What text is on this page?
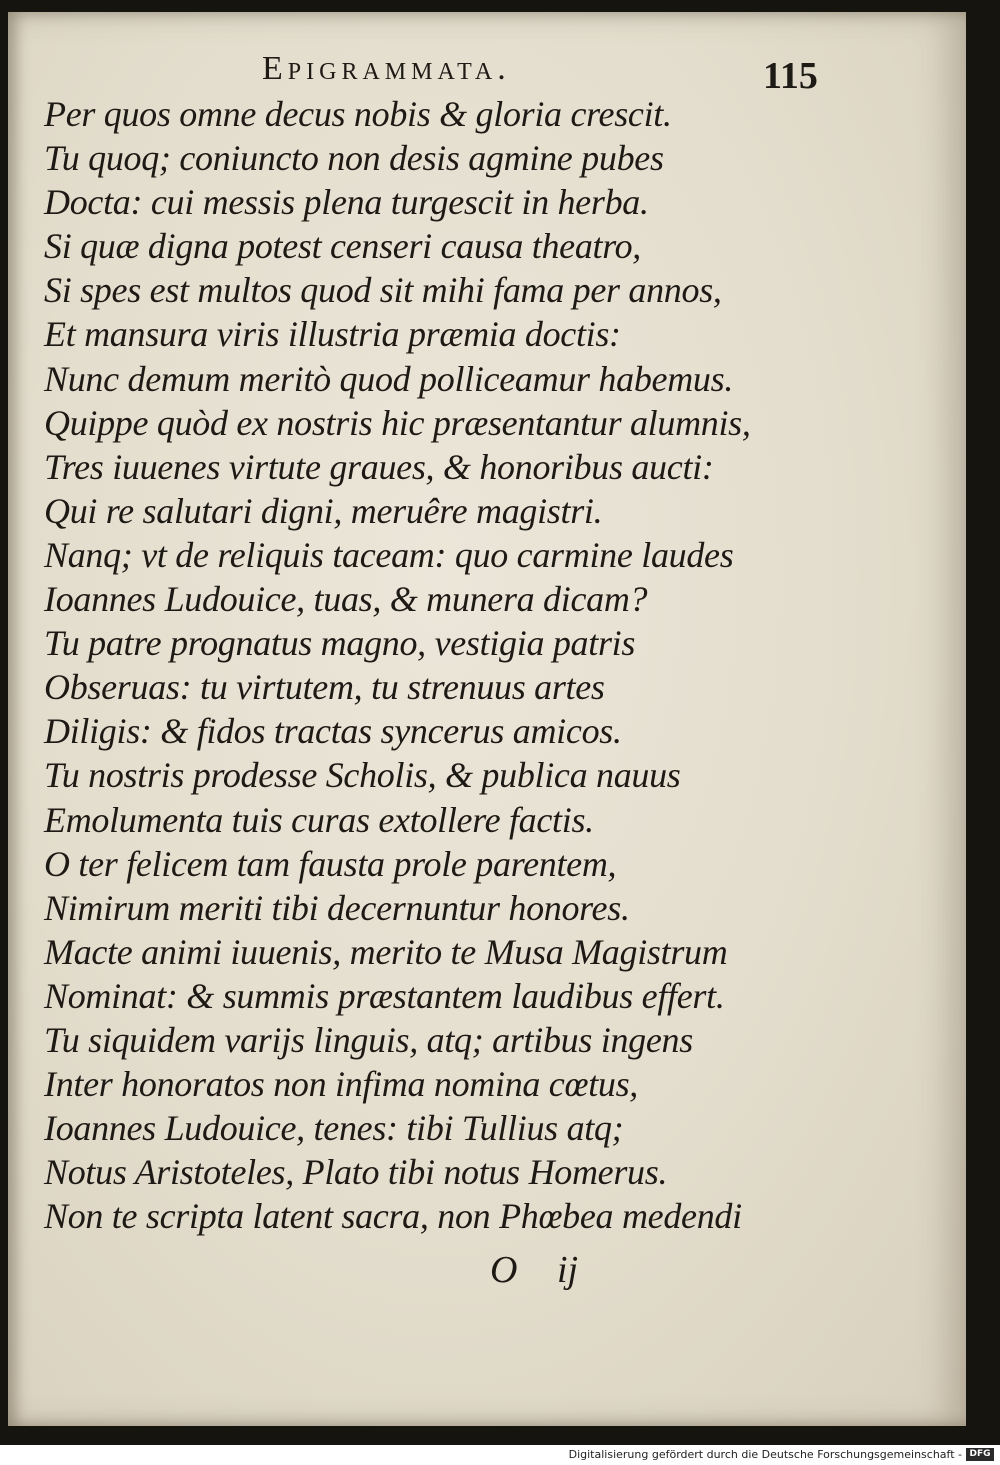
Epigrammata.	115
Per quos omne decus nobis & gloria crescit.
Tu quoq; coniuncto non desis agmine pubes
Docta: cui messis plena turgescit in herba.
Si quæ digna potest censeri causa theatro,
Si spes est multos quod sit mihi fama per annos,
Et mansura viris illustria præmia doctis:
Nunc demum meritò quod polliceamur habemus.
Quippe quòd ex nostris hic præsentantur alumnis,
Tres iuuenes virtute graues, & honoribus aucti:
Qui re salutari digni, meruêre magistri.
Nanq; vt de reliquis taceam: quo carmine laudes
Ioannes Ludouice, tuas, & munera dicam?
Tu patre prognatus magno, vestigia patris
Obseruas: tu virtutem, tu strenuus artes
Diligis: & fidos tractas syncerus amicos.
Tu nostris prodesse Scholis, & publica nauus
Emolumenta tuis curas extollere factis.
O ter felicem tam fausta prole parentem,
Nimirum meriti tibi decernuntur honores.
Macte animi iuuenis, merito te Musa Magistrum
Nominat: & summis præstantem laudibus effert.
Tu siquidem varijs linguis, atq; artibus ingens
Inter honoratos non infima nomina cœtus,
Ioannes Ludouice, tenes: tibi Tullius atq;
Notus Aristoteles, Plato tibi notus Homerus.
Non te scripta latent sacra, non Phœbea medendi
O ij
Digitalisierung gefördert durch die Deutsche Forschungsgemeinschaft - DFG
